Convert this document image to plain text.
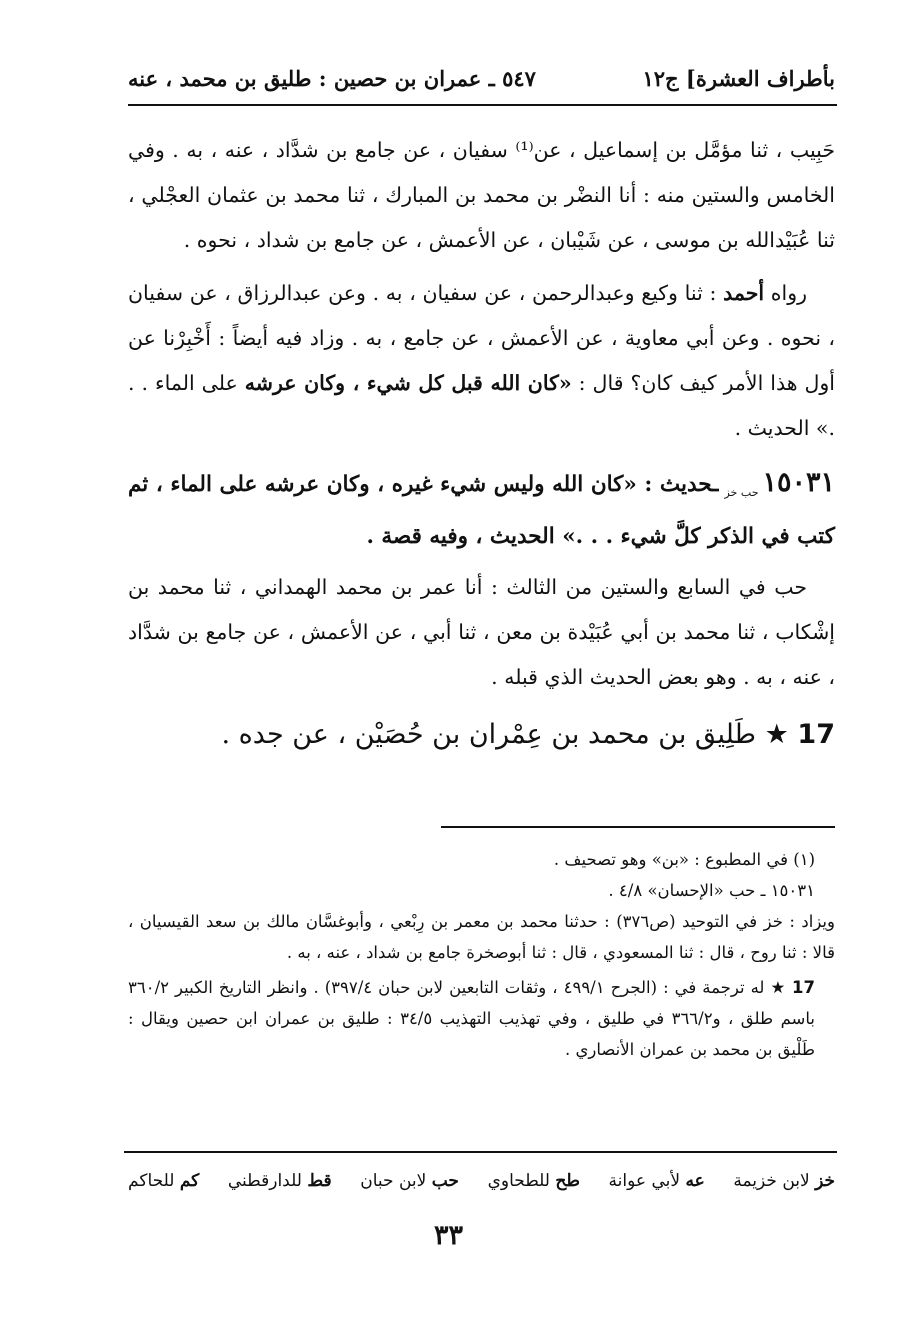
بأطراف العشرة] ج١٢
٥٤٧ ـ عمران بن حصين : طليق بن محمد ، عنه

حَبِيب ، ثنا مؤمَّل بن إسماعيل ، عن⁽¹⁾ سفيان ، عن جامع بن شدَّاد ، عنه ، به . وفي الخامس والستين منه : أنا النضْر بن محمد بن المبارك ، ثنا محمد بن عثمان العجْلي ، ثنا عُبَيْدالله بن موسى ، عن شَيْبان ، عن الأعمش ، عن جامع بن شداد ، نحوه .

رواه أحمد : ثنا وكيع وعبدالرحمن ، عن سفيان ، به . وعن عبدالرزاق ، عن سفيان ، نحوه . وعن أبي معاوية ، عن الأعمش ، عن جامع ، به . وزاد فيه أيضاً : أَخْبِرْنا عن أول هذا الأمر كيف كان؟ قال : «كان الله قبل كل شيء ، وكان عرشه على الماء . . .» الحديث .

$١٥٠٣١_{حب خز}ـحديث$ : «كان الله وليس شيء غيره ، وكان عرشه على الماء ، ثم كتب في الذكر كلَّ شيء . . .» الحديث ، وفيه قصة .

حب في السابع والستين من الثالث : أنا عمر بن محمد الهمداني ، ثنا محمد بن إشْكاب ، ثنا محمد بن أبي عُبَيْدة بن معن ، ثنا أبي ، عن الأعمش ، عن جامع بن شدَّاد ، عنه ، به . وهو بعض الحديث الذي قبله .

17 ★ طَلِيق بن محمد بن عِمْران بن حُصَيْن ، عن جده .

(١) في المطبوع : «بن» وهو تصحيف .

١٥٠٣١ ـ حب «الإحسان» ٤/٨ .

ويزاد : خز في التوحيد (ص٣٧٦) : حدثنا محمد بن معمر بن رِبْعي ، وأبوغسَّان مالك بن سعد القيسيان ، قالا : ثنا روح ، قال : ثنا المسعودي ، قال : ثنا أبوصخرة جامع بن شداد ، عنه ، به .

17 ★ له ترجمة في : (الجرح ٤٩٩/١ ، وثقات التابعين لابن حبان ٣٩٧/٤) . وانظر التاريخ الكبير ٣٦٠/٢ باسم طلق ، و٣٦٦/٢ في طليق ، وفي تهذيب التهذيب ٣٤/٥ : طليق بن عمران ابن حصين ويقال : طَلْيق بن محمد بن عمران الأنصاري .

خز لابن خزيمة
عه لأبي عوانة
طح للطحاوي
حب لابن حبان
قط للدارقطني
كم للحاكم
٣٣
